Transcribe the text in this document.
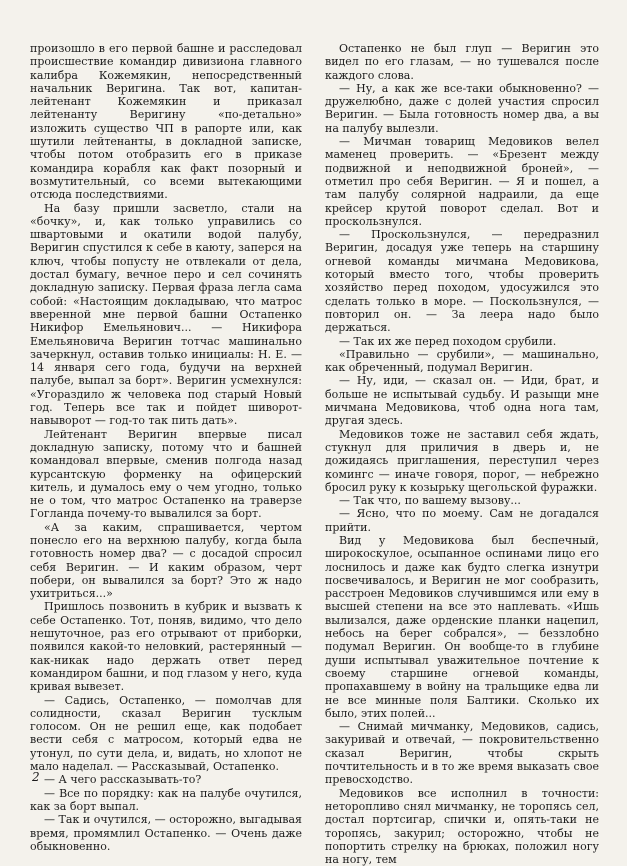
произошло в его первой башне и расследовал происшествие командир дивизиона главного калибра Кожемякин, непосредственный начальник Веригина. Так вот, капитан-лейтенант Кожемякин и приказал лейтенанту Веригину «по-детально» изложить существо ЧП в рапорте или, как шутили лейтенанты, в докладной записке, чтобы потом отобразить его в приказе командира корабля как факт позорный и возмутительный, со всеми вытекающими отсюда последствиями.

На базу пришли засветло, стали на «бочку», и, как только управились со швартовыми и окатили водой палубу, Веригин спустился к себе в каюту, заперся на ключ, чтобы попусту не отвлекали от дела, достал бумагу, вечное перо и сел сочинять докладную записку. Первая фраза легла сама собой: «Настоящим докладываю, что матрос вверенной мне первой башни Остапенко Никифор Емельянович... — Никифора Емельяновича Веригин тотчас машинально зачеркнул, оставив только инициалы: Н. Е. — 14 января сего года, будучи на верхней палубе, выпал за борт». Веригин усмехнулся: «Угораздило ж человека под старый Новый год. Теперь все так и пойдет шиворот-навыворот — год-то так пить дать».

Лейтенант Веригин впервые писал докладную записку, потому что и башней командовал впервые, сменив полгода назад курсантскую форменку на офицерский китель, и думалось ему о чем угодно, только не о том, что матрос Остапенко на траверзе Гогланда почему-то вывалился за борт.

«А за каким, спрашивается, чертом понесло его на верхнюю палубу, когда была готовность номер два? — с досадой спросил себя Веригин. — И каким образом, черт побери, он вывалился за борт? Это ж надо ухитриться...»

Пришлось позвонить в кубрик и вызвать к себе Остапенко. Тот, поняв, видимо, что дело нешуточное, раз его отрывают от приборки, появился какой-то неловкий, растерянный — как-никак надо держать ответ перед командиром башни, и под глазом у него, куда кривая вывезет.

— Садись, Остапенко, — помолчав для солидности, сказал Веригин тусклым голосом. Он не решил еще, как подобает вести себя с матросом, который едва не утонул, по сути дела, и, видать, но хлопот не мало наделал. — Рассказывай, Остапенко.

— А чего рассказывать-то?

— Все по порядку: как на палубе очутился, как за борт выпал.

— Так и очутился, — осторожно, выгадывая время, промямлил Остапенко. — Очень даже обыкновенно.

Остапенко не был глуп — Веригин это видел по его глазам, — но тушевался после каждого слова.

— Ну, а как же все-таки обыкновенно? — дружелюбно, даже с долей участия спросил Веригин. — Была готовность номер два, а вы на палубу вылезли.

— Мичман товарищ Медовиков велел маменец проверить. — «Брезент между подвижной и неподвижной броней», — отметил про себя Веригин. — Я и пошел, а там палубу солярной надраили, да еще крейсер крутой поворот сделал. Вот и проскользнулся.

— Проскользнулся, — передразнил Веригин, досадуя уже теперь на старшину огневой команды мичмана Медовикова, который вместо того, чтобы проверить хозяйство перед походом, удосужился это сделать только в море. — Поскользнулся, — повторил он. — За леера надо было держаться.

— Так их же перед походом срубили.

«Правильно — срубили», — машинально, как обреченный, подумал Веригин.

— Ну, иди, — сказал он. — Иди, брат, и больше не испытывай судьбу. И разыщи мне мичмана Медовикова, чтоб одна нога там, другая здесь.

Медовиков тоже не заставил себя ждать, стукнул для приличия в дверь и, не дожидаясь приглашения, переступил через комингс — иначе говоря, порог, — небрежно бросил руку к козырьку щегольской фуражки.

— Так что, по вашему вызову...

— Ясно, что по моему. Сам не догадался прийти.

Вид у Медовикова был беспечный, широкоскулое, осыпанное оспинами лицо его лоснилось и даже как будто слегка изнутри посвечивалось, и Веригин не мог сообразить, расстроен Медовиков случившимся или ему в высшей степени на все это наплевать. «Ишь вылизался, даже орденские планки нацепил, небось на берег собрался», — беззлобно подумал Веригин. Он вообще-то в глубине души испытывал уважительное почтение к своему старшине огневой команды, пропахавшему в войну на тральщике едва ли не все минные поля Балтики. Сколько их было, этих полей...

— Снимай мичманку, Медовиков, садись, закуривай и отвечай, — покровительственно сказал Веригин, чтобы скрыть почтительность и в то же время выказать свое превосходство.

Медовиков все исполнил в точности: неторопливо снял мичманку, не торопясь сел, достал портсигар, спички и, опять-таки не торопясь, закурил; осторожно, чтобы не попортить стрелку на брюках, положил ногу на ногу, тем

2
